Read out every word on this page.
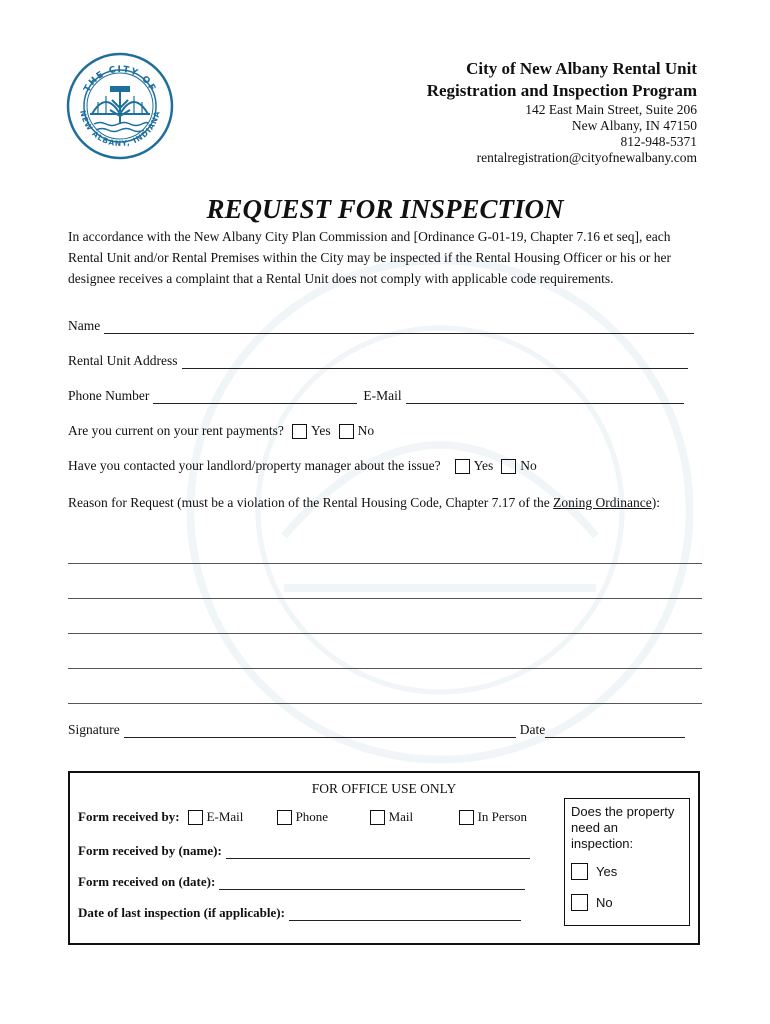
THE CITY OF
NEW ALBANY, INDIANA
City of New Albany Rental Unit
Registration and Inspection Program
142 East Main Street, Suite 206
New Albany, IN 47150
812-948-5371
rentalregistration@cityofnewalbany.com
REQUEST FOR INSPECTION
In accordance with the New Albany City Plan Commission and [Ordinance G-01-19, Chapter 7.16 et seq], each Rental Unit and/or Rental Premises within the City may be inspected if the Rental Housing Officer or his or her designee receives a complaint that a Rental Unit does not comply with applicable code requirements.
Name
Rental Unit Address
Phone Number	E-Mail
Are you current on your rent payments? Yes No
Have you contacted your landlord/property manager about the issue? Yes No
Reason for Request (must be a violation of the Rental Housing Code, Chapter 7.17 of the Zoning Ordinance):
Signature	Date
FOR OFFICE USE ONLY
Form received by: E-Mail	Phone	Mail	In Person
Form received by (name):
Form received on (date):
Date of last inspection (if applicable):
Does the property need an inspection:
Yes
No
